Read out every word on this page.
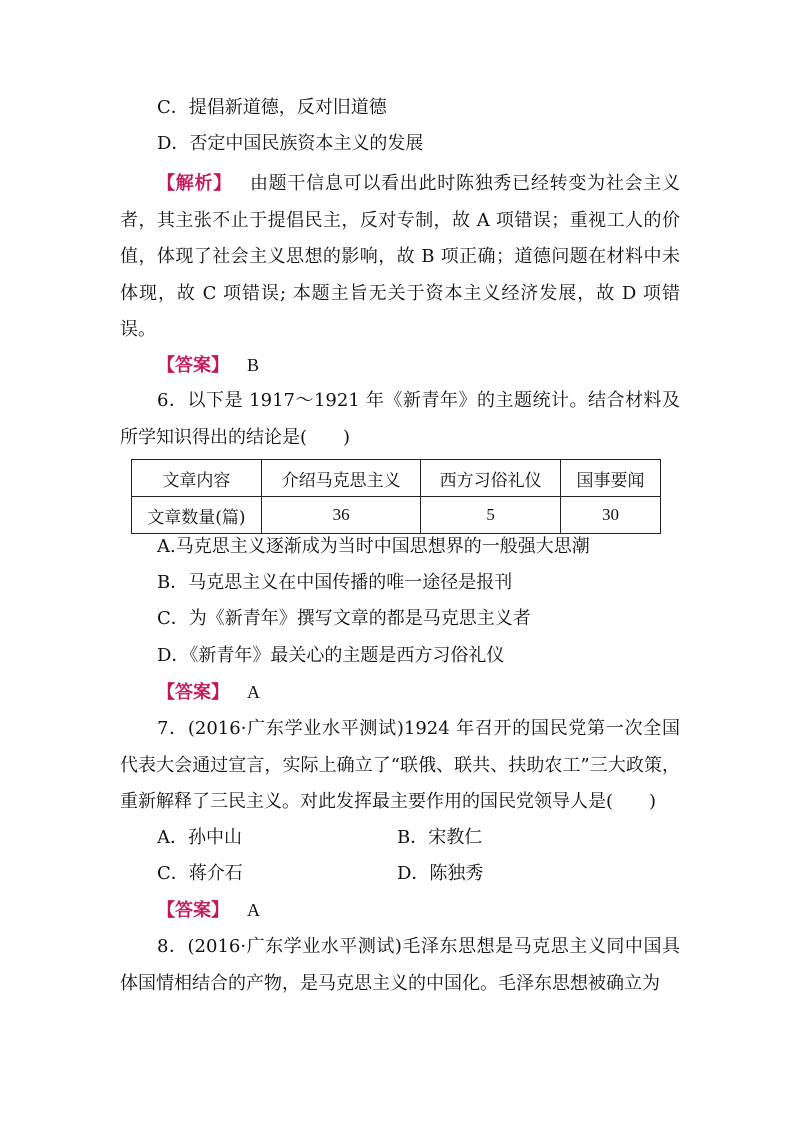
C．提倡新道德，反对旧道德
D．否定中国民族资本主义的发展
【解析】 由题干信息可以看出此时陈独秀已经转变为社会主义者，其主张不止于提倡民主，反对专制，故 A 项错误；重视工人的价值，体现了社会主义思想的影响，故 B 项正确；道德问题在材料中未体现，故 C 项错误; 本题主旨无关于资本主义经济发展，故 D 项错误。
【答案】 B
6．以下是 1917～1921 年《新青年》的主题统计。结合材料及所学知识得出的结论是(　　)
文章内容	介绍马克思主义	西方习俗礼仪	国事要闻
文章数量(篇)	36	5	30
A.马克思主义逐渐成为当时中国思想界的一般强大思潮
B．马克思主义在中国传播的唯一途径是报刊
C．为《新青年》撰写文章的都是马克思主义者
D．《新青年》最关心的主题是西方习俗礼仪
【答案】 A
7．(2016·广东学业水平测试)1924 年召开的国民党第一次全国代表大会通过宣言，实际上确立了“联俄、联共、扶助农工”三大政策，重新解释了三民主义。对此发挥最主要作用的国民党领导人是(　　)
A．孙中山	B．宋教仁
C．蒋介石	D．陈独秀
【答案】 A
8．(2016·广东学业水平测试)毛泽东思想是马克思主义同中国具体国情相结合的产物，是马克思主义的中国化。毛泽东思想被确立为
